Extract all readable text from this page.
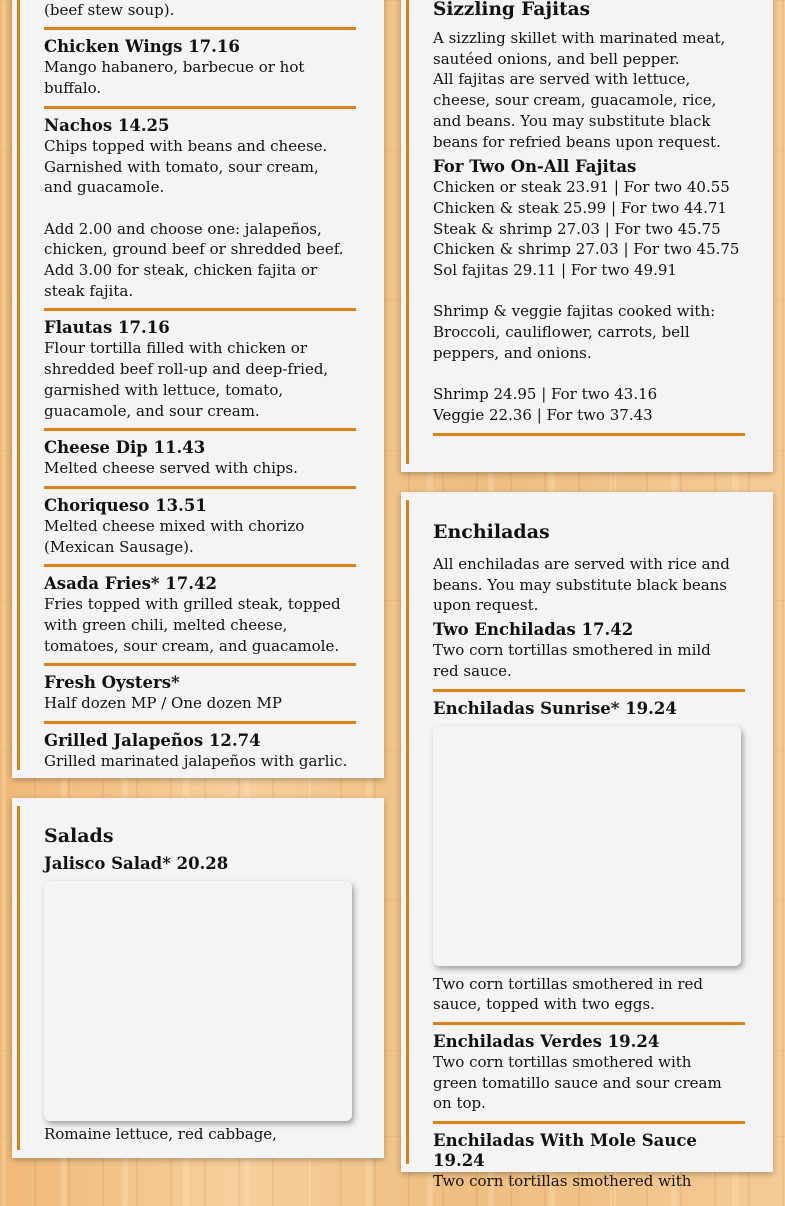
(beef stew soup).

Chicken Wings 17.16

Mango habanero, barbecue or hot
buffalo.

Nachos 14.25

Chips topped with beans and cheese.
Garnished with tomato, sour cream,
and guacamole.

Add 2.00 and choose one: jalapeños,
chicken, ground beef or shredded beef.
Add 3.00 for steak, chicken fajita or
steak fajita.

Flautas 17.16

Flour tortilla filled with chicken or
shredded beef roll-up and deep-fried,
garnished with lettuce, tomato,
guacamole, and sour cream.

Cheese Dip 11.43

Melted cheese served with chips.

Choriqueso 13.51

Melted cheese mixed with chorizo
(Mexican Sausage).

Asada Fries* 17.42

Fries topped with grilled steak, topped
with green chili, melted cheese,
tomatoes, sour cream, and guacamole.

Fresh Oysters*

Half dozen MP / One dozen MP

Grilled Jalapeños 12.74

Grilled marinated jalapeños with garlic.

Salads
Jalisco Salad* 20.28

Romaine lettuce, red cabbage,

Sizzling Fajitas

A sizzling skillet with marinated meat,
sautéed onions, and bell pepper.
All fajitas are served with lettuce,
cheese, sour cream, guacamole, rice,
and beans. You may substitute black
beans for refried beans upon request.

For Two On-All Fajitas

Chicken or steak 23.91 | For two 40.55
Chicken & steak 25.99 | For two 44.71
Steak & shrimp 27.03 | For two 45.75
Chicken & shrimp 27.03 | For two 45.75
Sol fajitas 29.11 | For two 49.91

Shrimp & veggie fajitas cooked with:
Broccoli, cauliflower, carrots, bell
peppers, and onions.

Shrimp 24.95 | For two 43.16
Veggie 22.36 | For two 37.43

Enchiladas

All enchiladas are served with rice and
beans. You may substitute black beans
upon request.

Two Enchiladas 17.42

Two corn tortillas smothered in mild
red sauce.

Enchiladas Sunrise* 19.24

Two corn tortillas smothered in red
sauce, topped with two eggs.

Enchiladas Verdes 19.24

Two corn tortillas smothered with
green tomatillo sauce and sour cream
on top.

Enchiladas With Mole Sauce 19.24

Two corn tortillas smothered with
